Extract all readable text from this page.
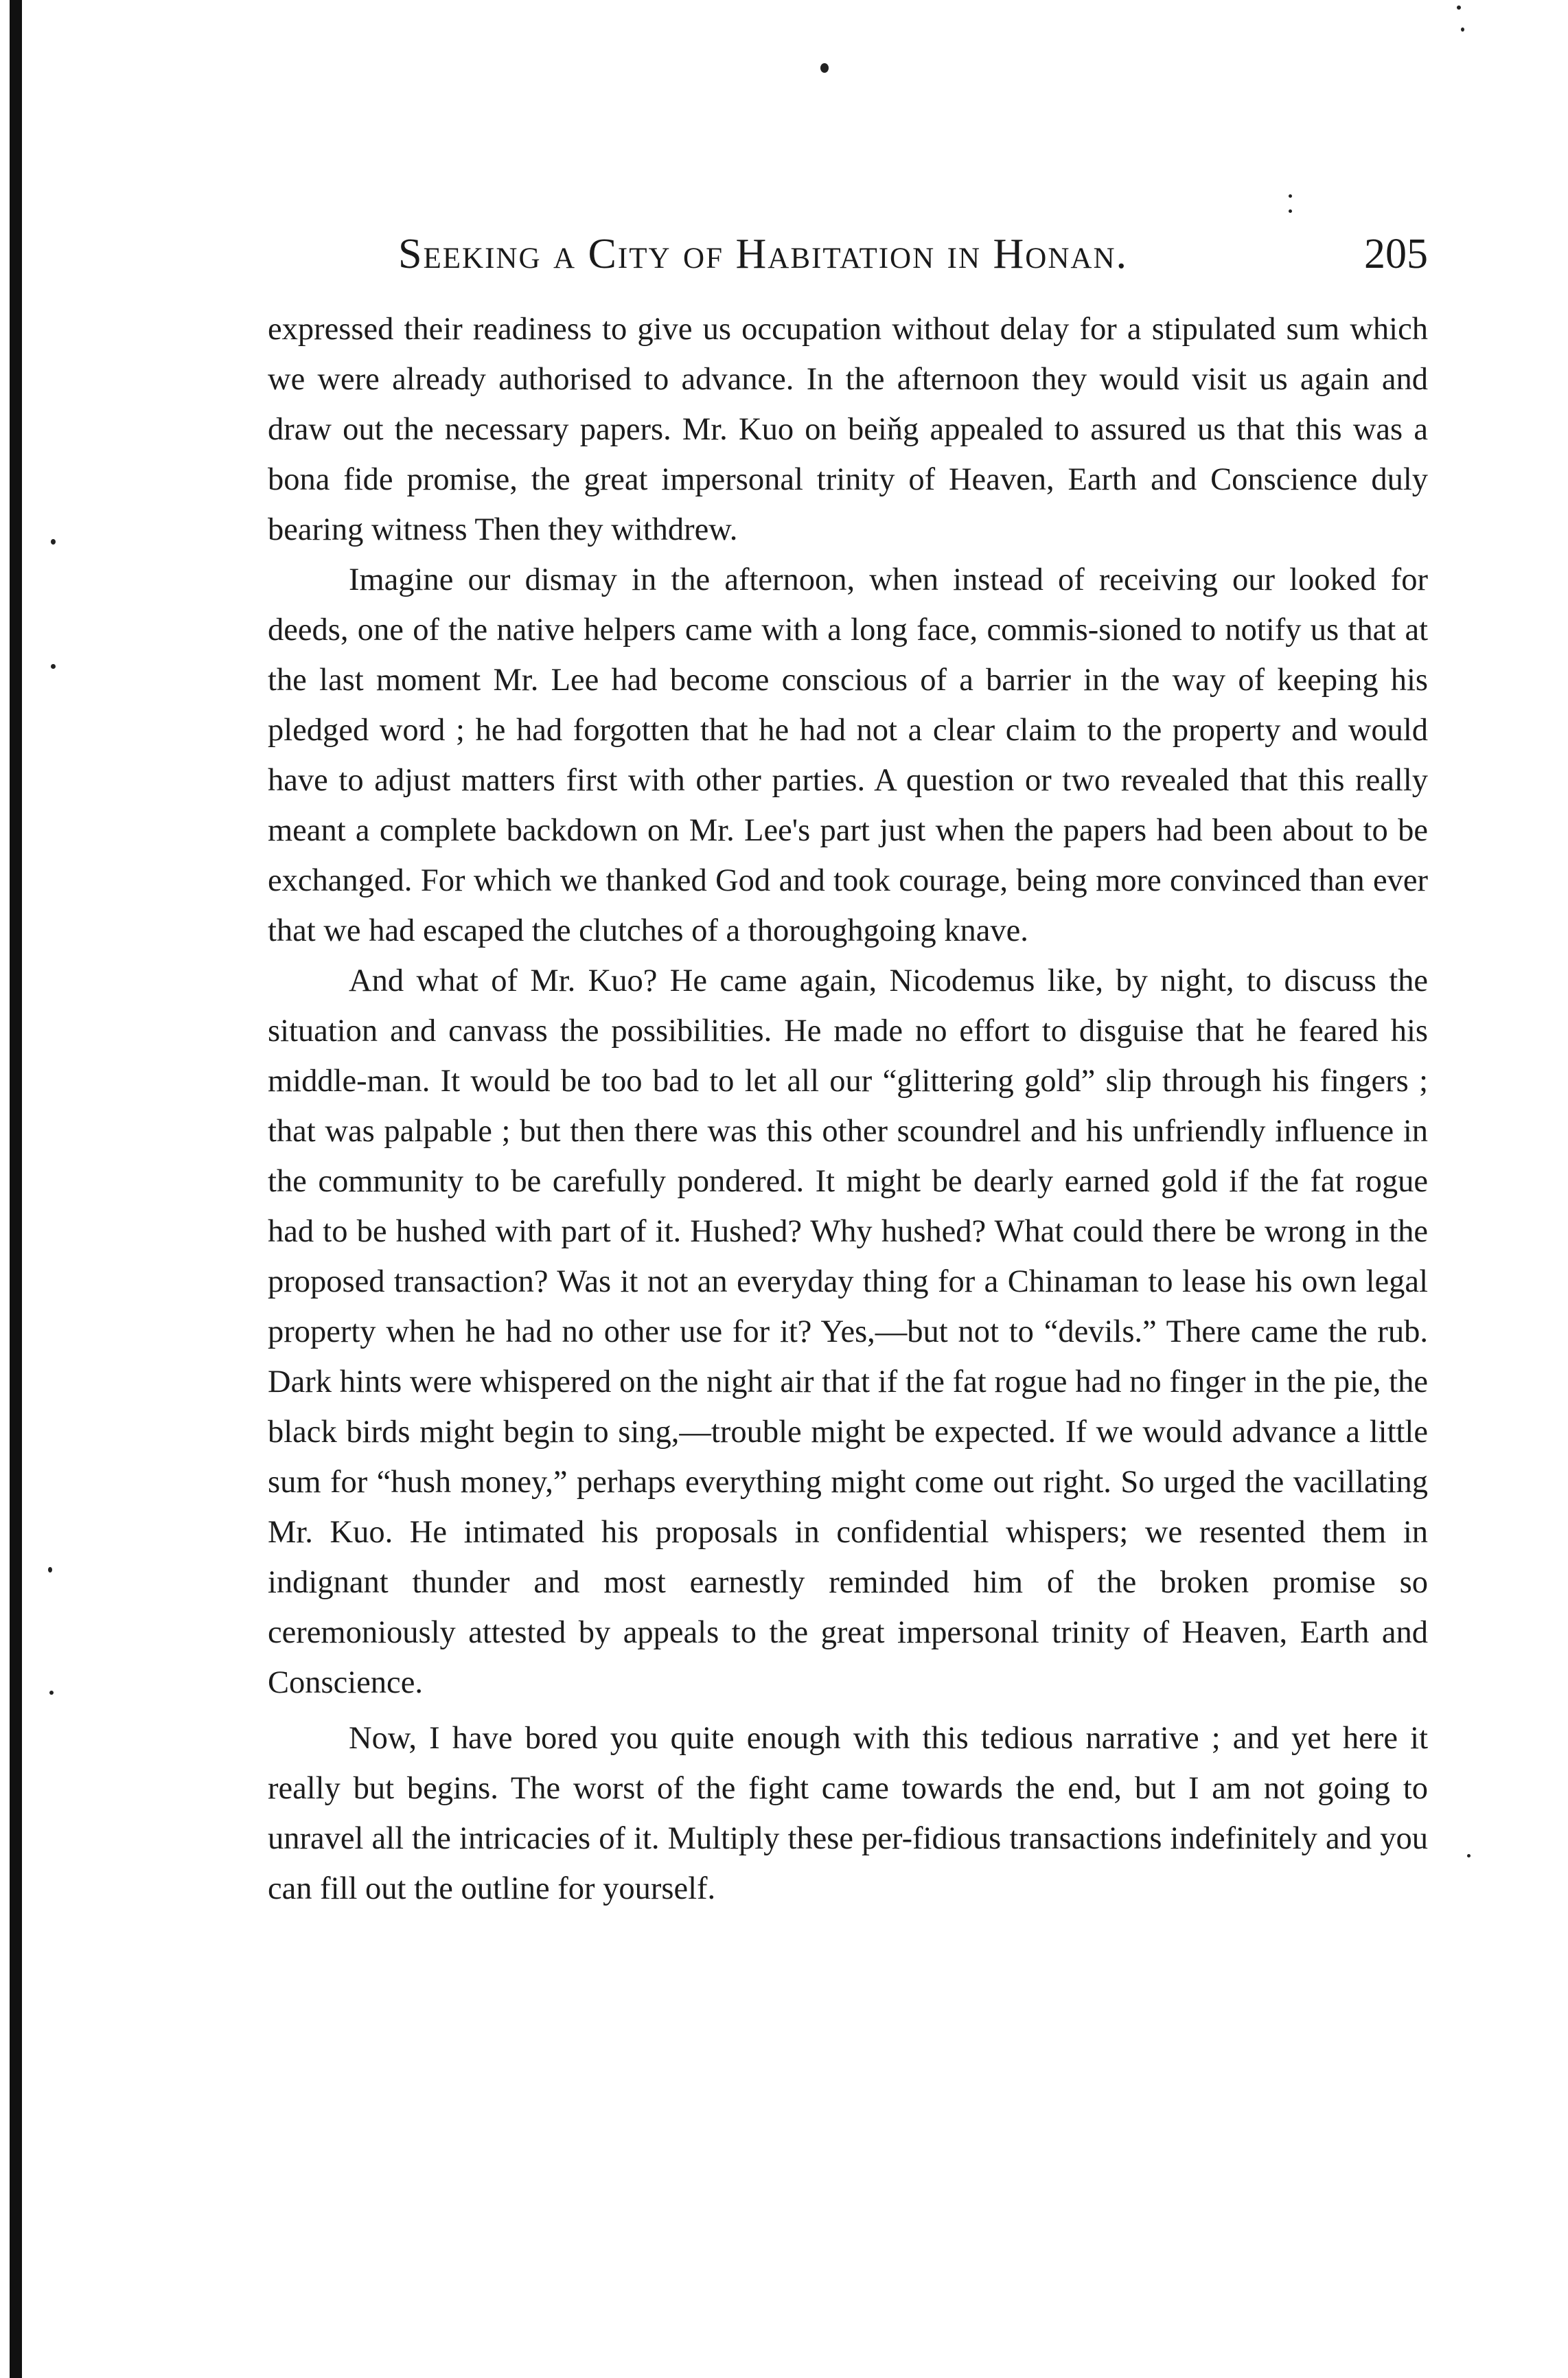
Seeking a City of Habitation in Honan.	205

expressed their readiness to give us occupation without delay for a stipulated sum which we were already authorised to advance. In the afternoon they would visit us again and draw out the necessary papers. Mr. Kuo on beiňg appealed to assured us that this was a bona fide promise, the great impersonal trinity of Heaven, Earth and Conscience duly bearing witness Then they withdrew.

Imagine our dismay in the afternoon, when instead of receiving our looked for deeds, one of the native helpers came with a long face, commis-sioned to notify us that at the last moment Mr. Lee had become conscious of a barrier in the way of keeping his pledged word ; he had forgotten that he had not a clear claim to the property and would have to adjust matters first with other parties. A question or two revealed that this really meant a complete backdown on Mr. Lee's part just when the papers had been about to be exchanged. For which we thanked God and took courage, being more convinced than ever that we had escaped the clutches of a thoroughgoing knave.

And what of Mr. Kuo? He came again, Nicodemus like, by night, to discuss the situation and canvass the possibilities. He made no effort to disguise that he feared his middle-man. It would be too bad to let all our “glittering gold” slip through his fingers ; that was palpable ; but then there was this other scoundrel and his unfriendly influence in the community to be carefully pondered. It might be dearly earned gold if the fat rogue had to be hushed with part of it. Hushed? Why hushed? What could there be wrong in the proposed transaction? Was it not an everyday thing for a Chinaman to lease his own legal property when he had no other use for it? Yes,—but not to “devils.” There came the rub. Dark hints were whispered on the night air that if the fat rogue had no finger in the pie, the black birds might begin to sing,—trouble might be expected. If we would advance a little sum for “hush money,” perhaps everything might come out right. So urged the vacillating Mr. Kuo. He intimated his proposals in confidential whispers; we resented them in indignant thunder and most earnestly reminded him of the broken promise so ceremoniously attested by appeals to the great impersonal trinity of Heaven, Earth and Conscience.

Now, I have bored you quite enough with this tedious narrative ; and yet here it really but begins. The worst of the fight came towards the end, but I am not going to unravel all the intricacies of it. Multiply these per-fidious transactions indefinitely and you can fill out the outline for yourself.
